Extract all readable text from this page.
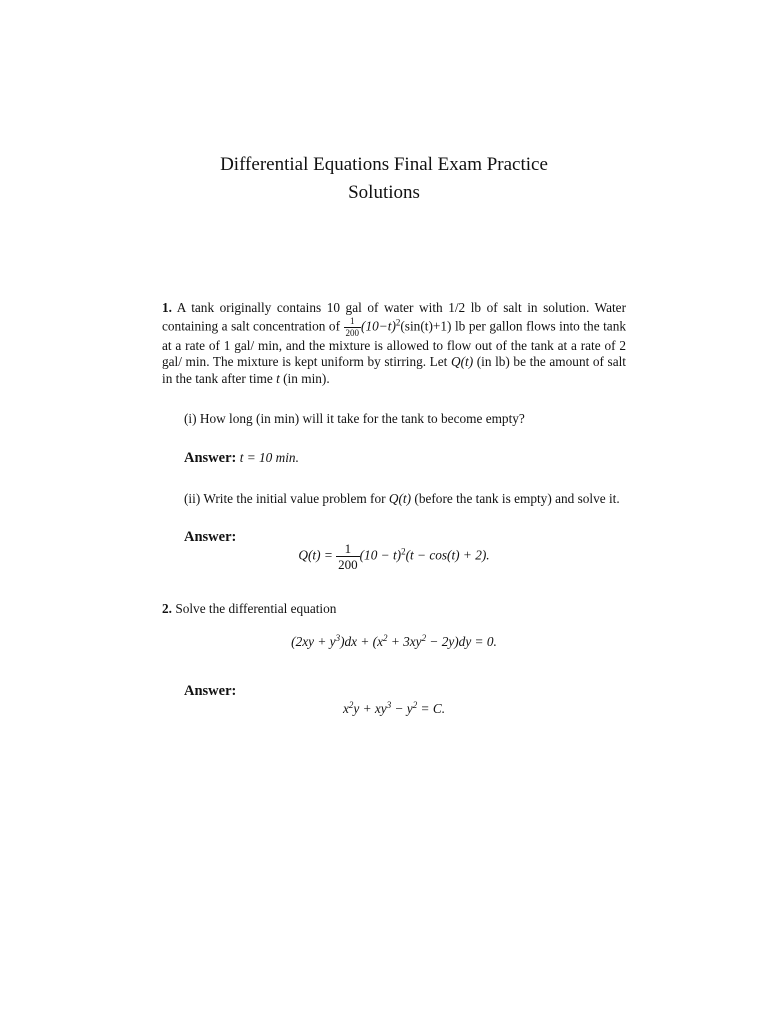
Differential Equations Final Exam Practice
Solutions
1. A tank originally contains 10 gal of water with 1/2 lb of salt in solution. Water containing a salt concentration of $\frac{1}{200} (10-t)^2(\sin(t)+1)$ lb per gallon flows into the tank at a rate of 1 gal/ min, and the mixture is allowed to flow out of the tank at a rate of 2 gal/ min. The mixture is kept uniform by stirring. Let Q(t) (in lb) be the amount of salt in the tank after time t (in min).
(i) How long (in min) will it take for the tank to become empty?
Answer: t = 10 min.
(ii) Write the initial value problem for Q(t) (before the tank is empty) and solve it.
Answer:
$Q(t) = \frac{1}{200} (10 - t)^2(t - \cos(t) + 2)$.
2. Solve the differential equation
$(2xy + y^3)dx + (x^2 + 3xy^2 - 2y)dy = 0$.
Answer:
$x^2y + xy^3 - y^2 = C$.
